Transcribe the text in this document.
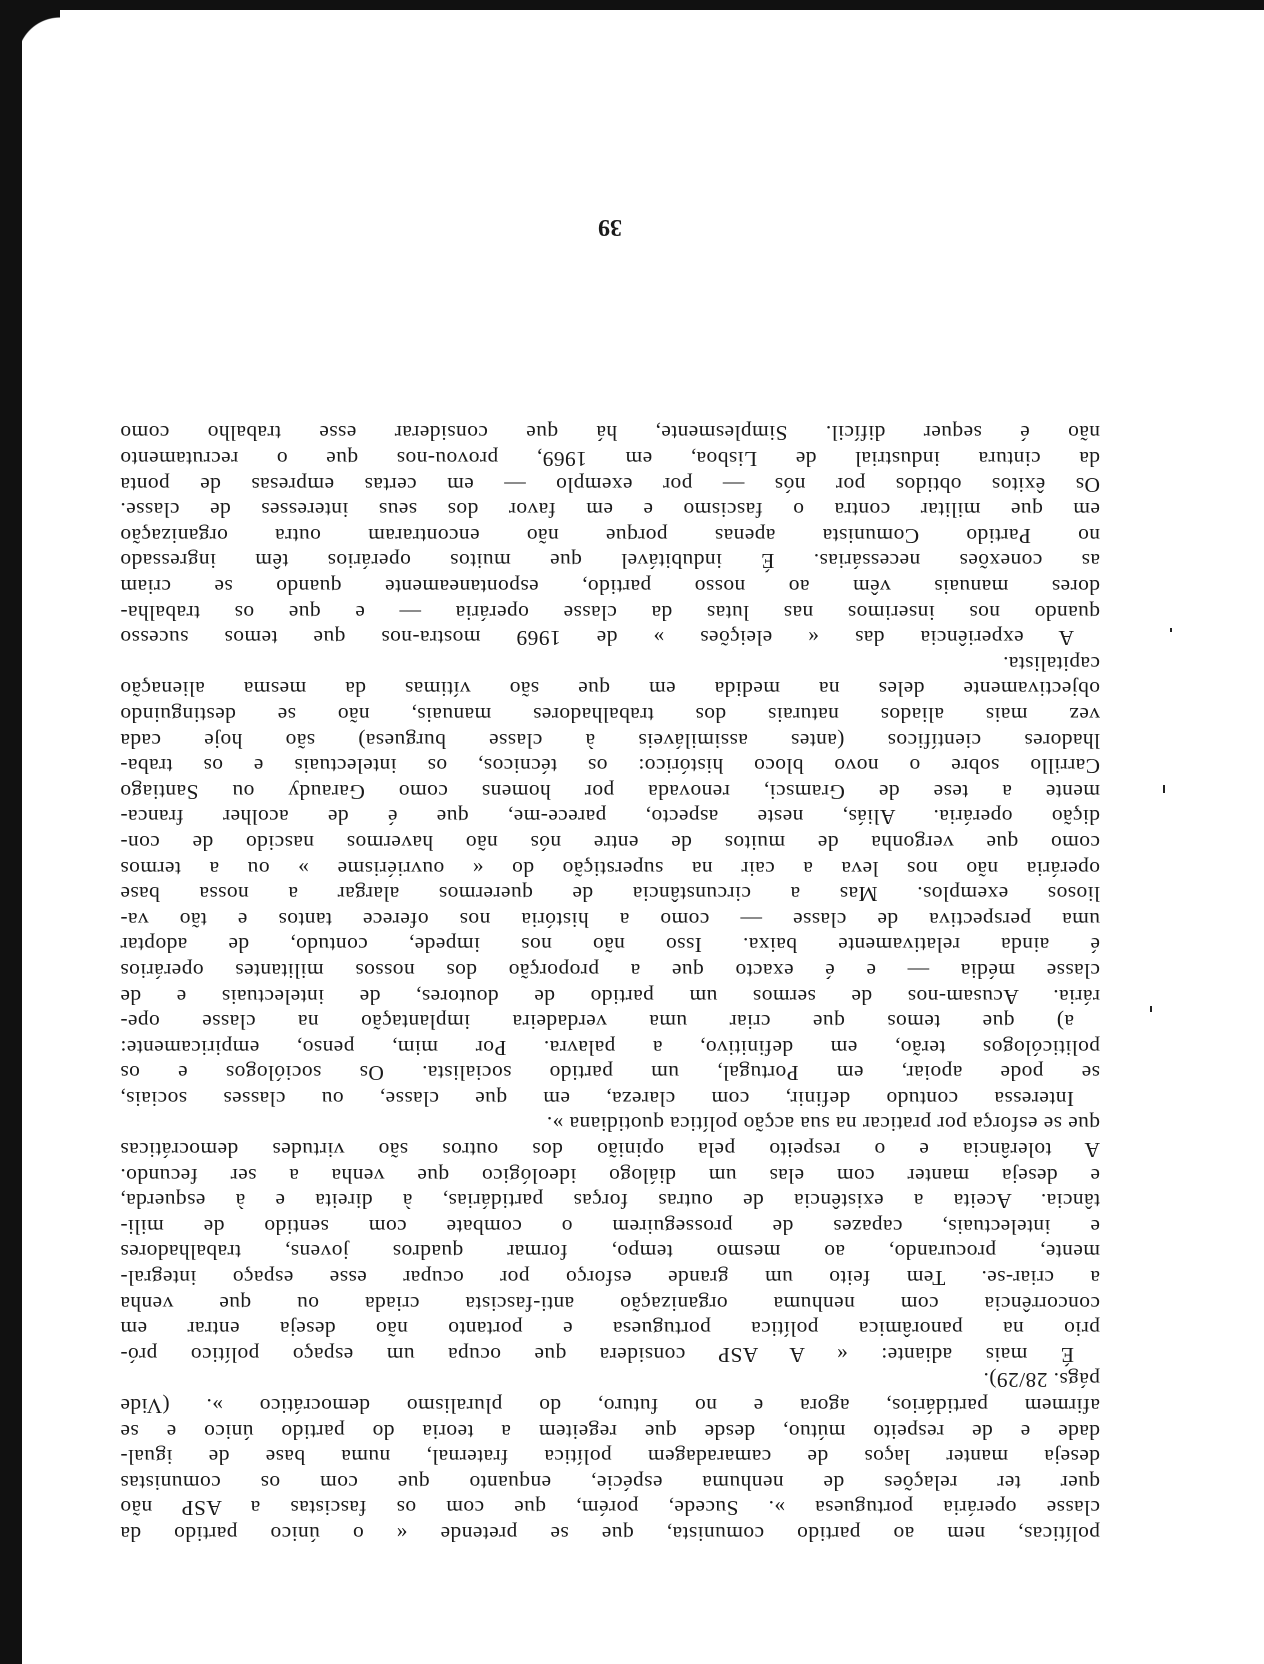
políticas, nem ao partido comunista, que se pretende « o único partido da
classe operária portuguesa ». Sucede, porém, que com os fascistas a ASP não
quer ter relações de nenhuma espécie, enquanto que com os comunistas
deseja manter laços de camaradagem política fraternal, numa base de igual-
dade e de respeito mútuo, desde que regeitem a teoria do partido único e se
afirmem partidários, agora e no futuro, do pluralismo democrático ». (Vide
págs. 28/29).
É mais adiante: « A ASP considera que ocupa um espaço político pró-
prio na panorâmica política portuguesa e portanto não deseja entrar em
concorrência com nenhuma organização anti-fascista criada ou que venha
a criar-se. Tem feito um grande esforço por ocupar esse espaço integral-
mente, procurando, ao mesmo tempo, formar quadros jovens, trabalhadores
e intelectuais, capazes de prosseguirem o combate com sentido de mili-
tância. Aceita a existência de outras forças partidárias, à direita e à esquerda,
e deseja manter com elas um diálogo ideológico que venha a ser fecundo.
A tolerância e o respeito pela opinião dos outros são virtudes democráticas
que se esforça por praticar na sua acção política quotidiana ».
Interessa contudo definir, com clareza, em que classe, ou classes sociais,
se pode apoiar, em Portugal, um partido socialista. Os sociólogos e os
politicólogos terão, em definitivo, a palavra. Por mim, penso, empiricamente:
a) que temos que criar uma verdadeira implantação na classe ope-
rária. Acusam-nos de sermos um partido de doutores, de intelectuais e de
classe média — e é exacto que a proporção dos nossos militantes operários
é ainda relativamente baixa. Isso não nos impede, contudo, de adoptar
uma perspectiva de classe — como a história nos oferece tantos e tão va-
liosos exemplos. Mas a circunstância de querermos alargar a nossa base
operária não nos leva a cair na superstição do « ouvriérisme » ou a termos
como que vergonha de muitos de entre nós não havermos nascido de con-
dição operária. Aliás, neste aspecto, parece-me, que é de acolher franca-
mente a tese de Gramsci, renovada por homens como Garaudy ou Santiago
Carrillo sobre o novo bloco histórico: os técnicos, os intelectuais e os traba-
lhadores científicos (antes assimiláveis à classe burguesa) são hoje cada
vez mais aliados naturais dos trabalhadores manuais, não se destinguindo
objectivamente deles na medida em que são vítimas da mesma alienação
capitalista.
A experiência das « eleições » de 1969 mostra-nos que temos sucesso
quando nos inserimos nas lutas da classe operária — e que os trabalha-
dores manuais vêm ao nosso partido, espontaneamente quando se criam
as conexões necessárias. É indubitável que muitos operários têm ingressado
no Partido Comunista apenas porque não encontraram outra organização
em que militar contra o fascismo e em favor dos seus interesses de classe.
Os êxitos obtidos por nós — por exemplo — em certas empresas de ponta
da cintura industrial de Lisboa, em 1969, provou-nos que o recrutamento
não é sequer difícil. Simplesmente, há que considerar esse trabalho como
39
